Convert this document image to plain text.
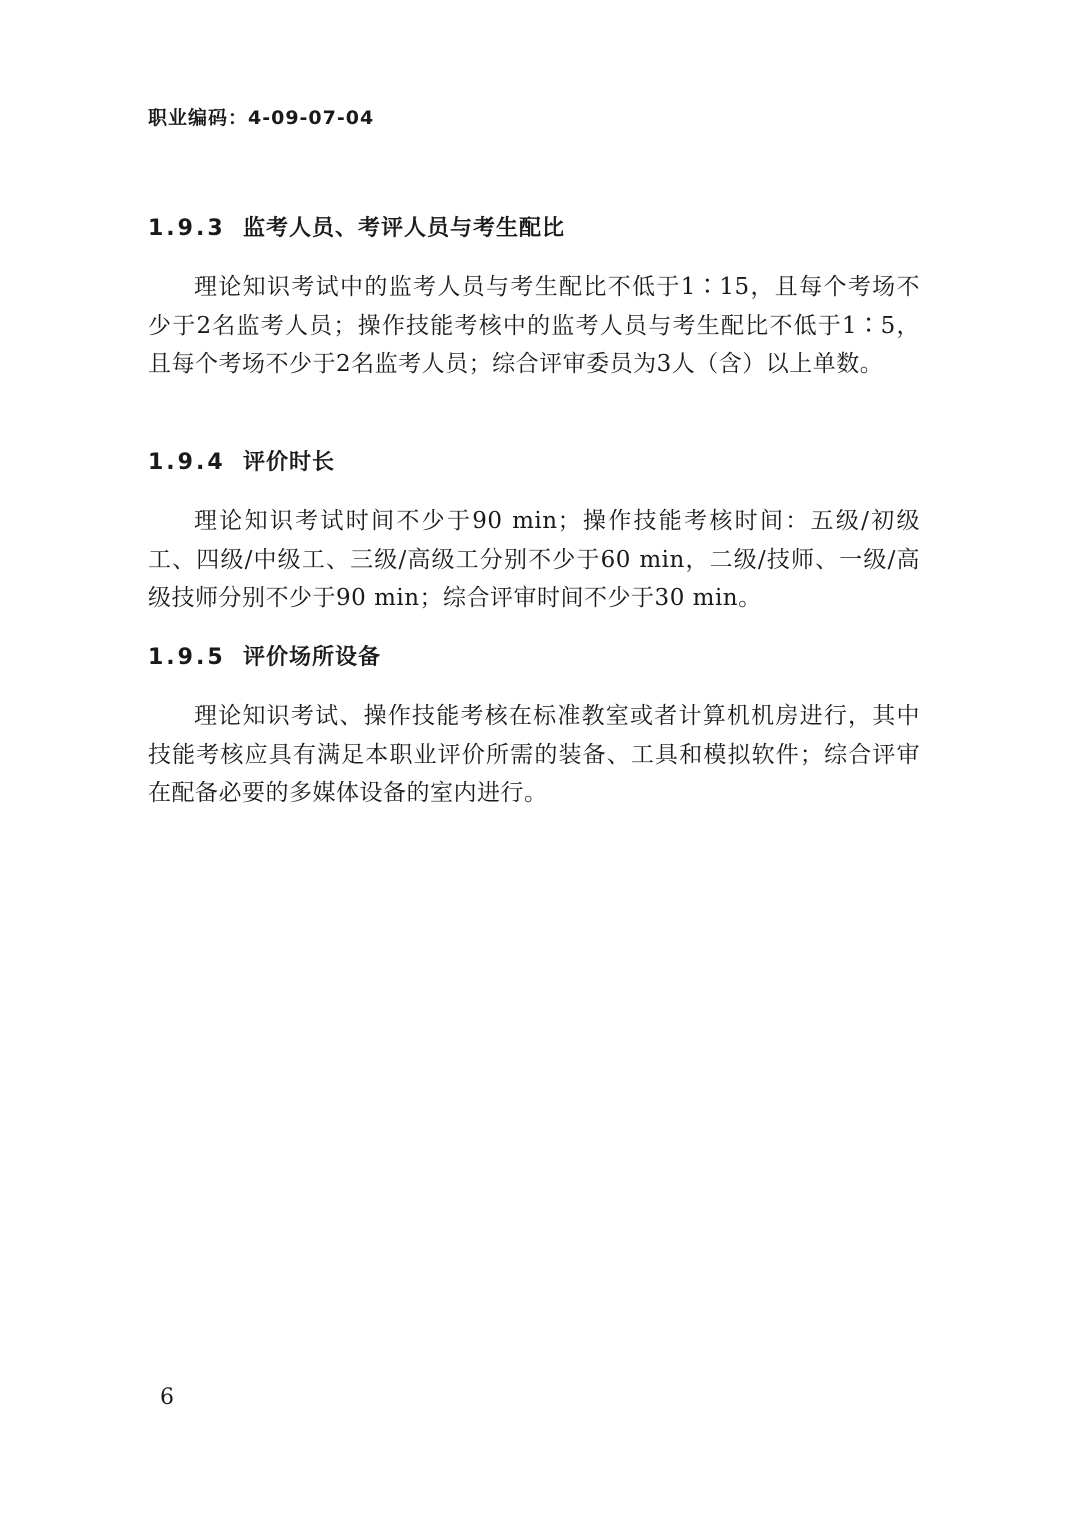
职业编码：4-09-07-04
1.9.3 监考人员、考评人员与考生配比
理论知识考试中的监考人员与考生配比不低于1∶15，且每个考场不少于2名监考人员；操作技能考核中的监考人员与考生配比不低于1∶5，且每个考场不少于2名监考人员；综合评审委员为3人（含）以上单数。
1.9.4 评价时长
理论知识考试时间不少于90 min；操作技能考核时间：五级/初级工、四级/中级工、三级/高级工分别不少于60 min，二级/技师、一级/高级技师分别不少于90 min；综合评审时间不少于30 min。
1.9.5 评价场所设备
理论知识考试、操作技能考核在标准教室或者计算机机房进行，其中技能考核应具有满足本职业评价所需的装备、工具和模拟软件；综合评审在配备必要的多媒体设备的室内进行。
6
